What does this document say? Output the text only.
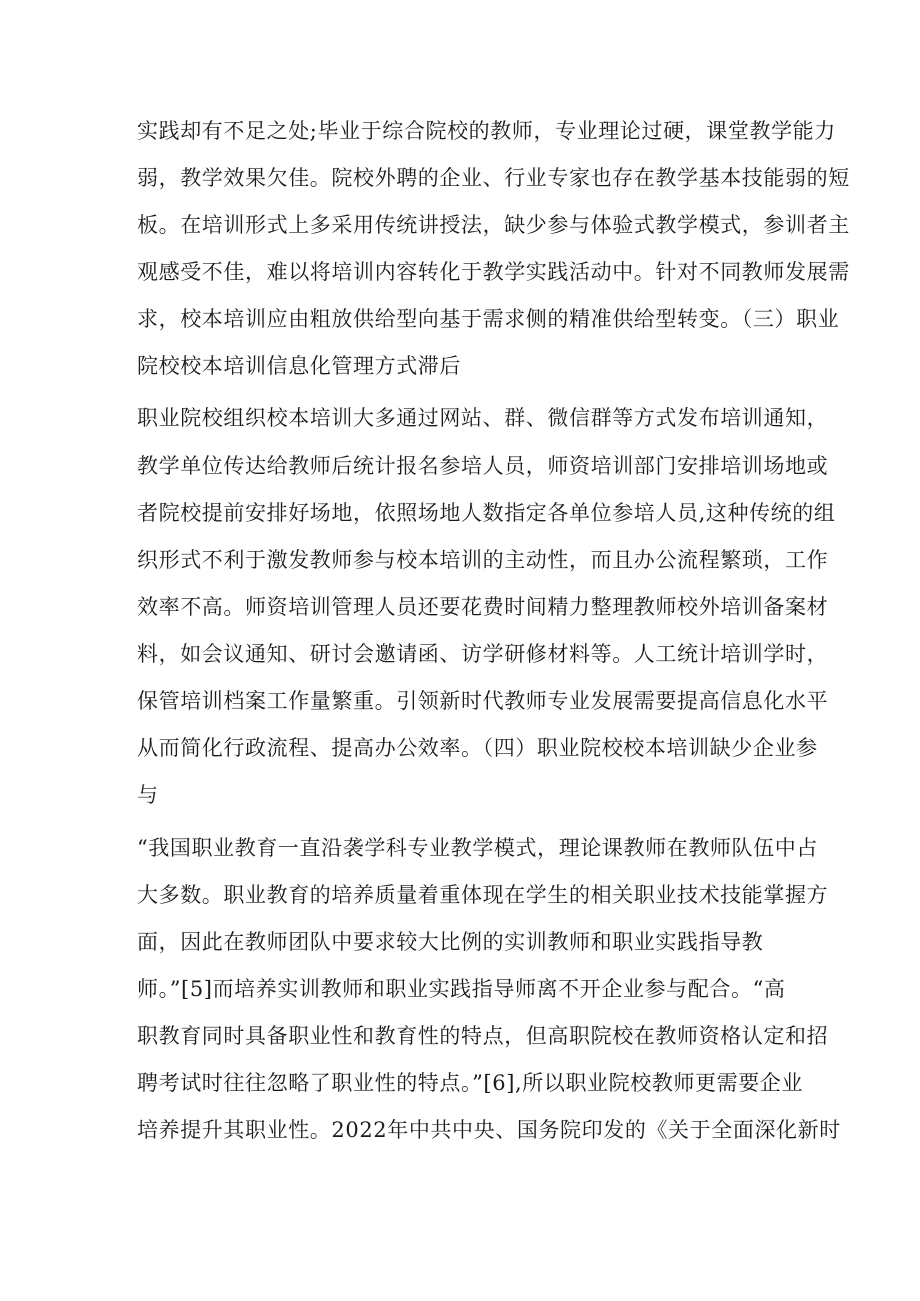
实践却有不足之处;毕业于综合院校的教师，专业理论过硬，课堂教学能力
弱，教学效果欠佳。院校外聘的企业、行业专家也存在教学基本技能弱的短
板。在培训形式上多采用传统讲授法，缺少参与体验式教学模式，参训者主
观感受不佳，难以将培训内容转化于教学实践活动中。针对不同教师发展需
求，校本培训应由粗放供给型向基于需求侧的精准供给型转变。（三）职业
院校校本培训信息化管理方式滞后
职业院校组织校本培训大多通过网站、群、微信群等方式发布培训通知，
教学单位传达给教师后统计报名参培人员，师资培训部门安排培训场地或
者院校提前安排好场地，依照场地人数指定各单位参培人员,这种传统的组
织形式不利于激发教师参与校本培训的主动性，而且办公流程繁琐，工作
效率不高。师资培训管理人员还要花费时间精力整理教师校外培训备案材
料，如会议通知、研讨会邀请函、访学研修材料等。人工统计培训学时，
保管培训档案工作量繁重。引领新时代教师专业发展需要提高信息化水平
从而简化行政流程、提高办公效率。（四）职业院校校本培训缺少企业参
与
“我国职业教育一直沿袭学科专业教学模式，理论课教师在教师队伍中占
大多数。职业教育的培养质量着重体现在学生的相关职业技术技能掌握方
面，因此在教师团队中要求较大比例的实训教师和职业实践指导教
师。”[5]而培养实训教师和职业实践指导师离不开企业参与配合。“高
职教育同时具备职业性和教育性的特点，但高职院校在教师资格认定和招
聘考试时往往忽略了职业性的特点。”[6],所以职业院校教师更需要企业
培养提升其职业性。2022年中共中央、国务院印发的《关于全面深化新时
